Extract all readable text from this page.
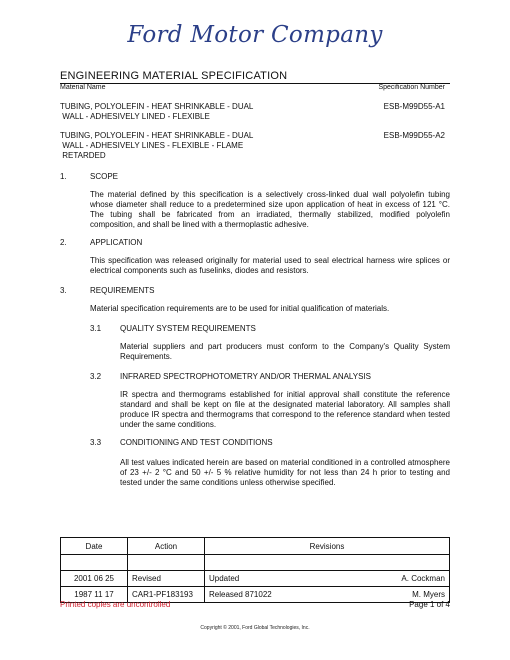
Ford Motor Company
ENGINEERING MATERIAL SPECIFICATION
Material Name	Specification Number
TUBING, POLYOLEFIN - HEAT SHRINKABLE - DUAL
WALL - ADHESIVELY LINED - FLEXIBLE
ESB-M99D55-A1
TUBING, POLYOLEFIN - HEAT SHRINKABLE - DUAL
WALL - ADHESIVELY LINES - FLEXIBLE - FLAME
RETARDED
ESB-M99D55-A2
1.	SCOPE
The material defined by this specification is a selectively cross-linked dual wall polyolefin tubing whose diameter shall reduce to a predetermined size upon application of heat in excess of 121 °C. The tubing shall be fabricated from an irradiated, thermally stabilized, modified polyolefin composition, and shall be lined with a thermoplastic adhesive.
2.	APPLICATION
This specification was released originally for material used to seal electrical harness wire splices or electrical components such as fuselinks, diodes and resistors.
3.	REQUIREMENTS
Material specification requirements are to be used for initial qualification of materials.
3.1 QUALITY SYSTEM REQUIREMENTS
Material suppliers and part producers must conform to the Company's Quality System Requirements.
3.2 INFRARED SPECTROPHOTOMETRY AND/OR THERMAL ANALYSIS
IR spectra and thermograms established for initial approval shall constitute the reference standard and shall be kept on file at the designated material laboratory. All samples shall produce IR spectra and thermograms that correspond to the reference standard when tested under the same conditions.
3.3 CONDITIONING AND TEST CONDITIONS
All test values indicated herein are based on material conditioned in a controlled atmosphere of 23 +/- 2 °C and 50 +/- 5 % relative humidity for not less than 24 h prior to testing and tested under the same conditions unless otherwise specified.
Date	Action	Revisions

2001 06 25	Revised	Updated A. Cockman

1987 11 17	CAR1-PF183193	Released 871022 M. Myers
Printed copies are uncontrolled	Page 1 of 4
Copyright © 2001, Ford Global Technologies, Inc.
